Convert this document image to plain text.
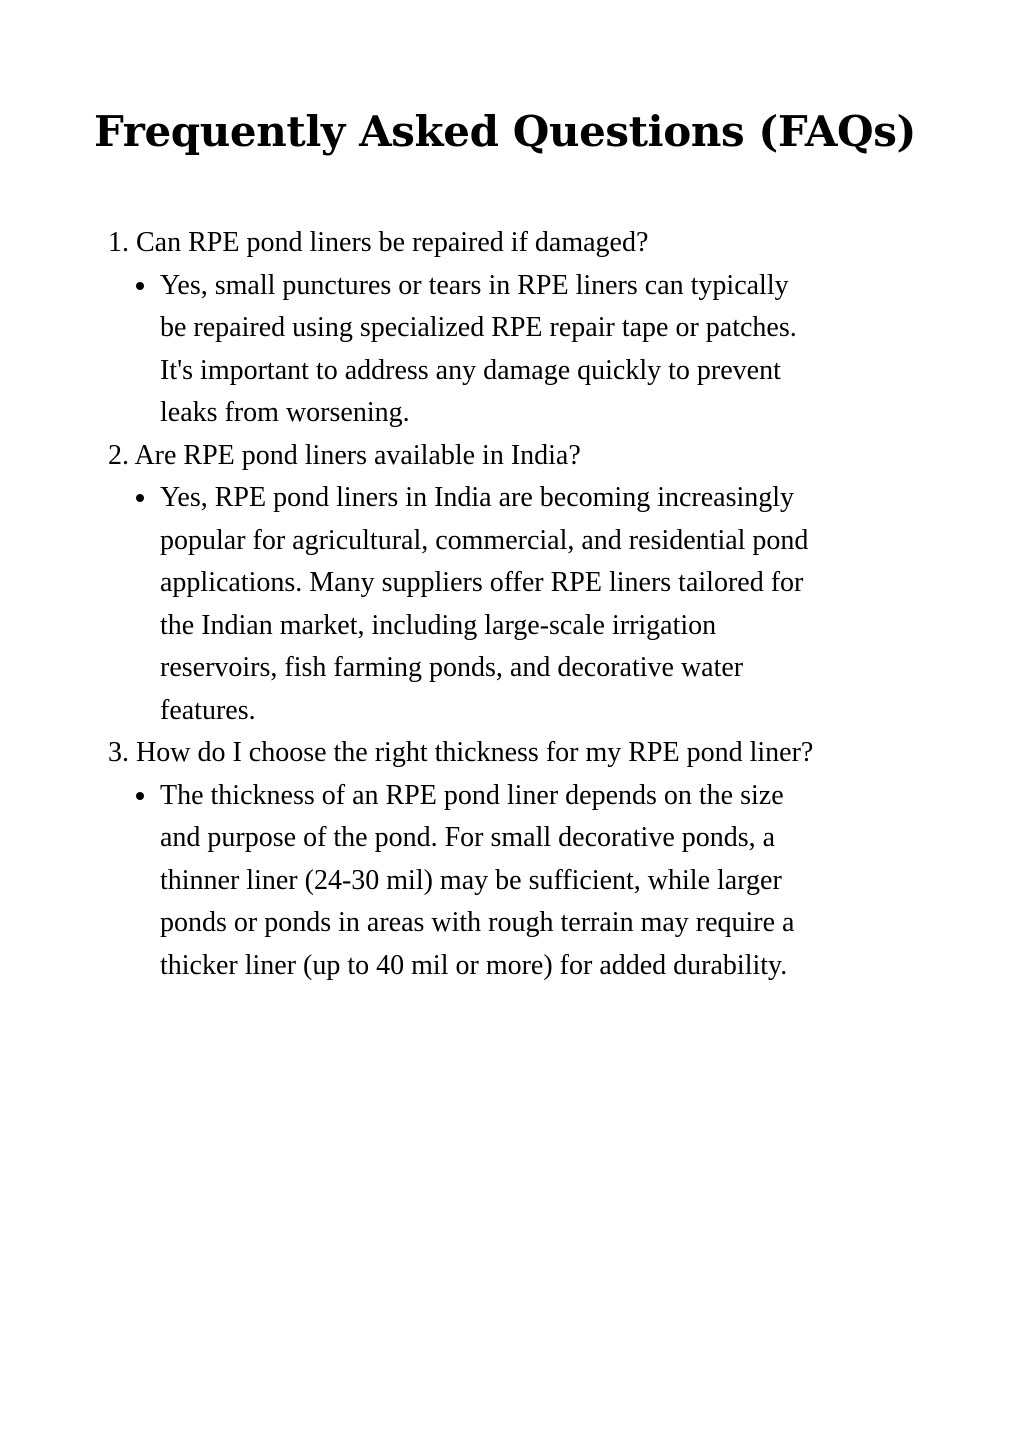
Frequently Asked Questions (FAQs)

1. Can RPE pond liners be repaired if damaged?

Yes, small punctures or tears in RPE liners can typically
be repaired using specialized RPE repair tape or patches.
It's important to address any damage quickly to prevent
leaks from worsening.

2. Are RPE pond liners available in India?

Yes, RPE pond liners in India are becoming increasingly
popular for agricultural, commercial, and residential pond
applications. Many suppliers offer RPE liners tailored for
the Indian market, including large-scale irrigation
reservoirs, fish farming ponds, and decorative water
features.

3. How do I choose the right thickness for my RPE pond liner?

The thickness of an RPE pond liner depends on the size
and purpose of the pond. For small decorative ponds, a
thinner liner (24-30 mil) may be sufficient, while larger
ponds or ponds in areas with rough terrain may require a
thicker liner (up to 40 mil or more) for added durability.
